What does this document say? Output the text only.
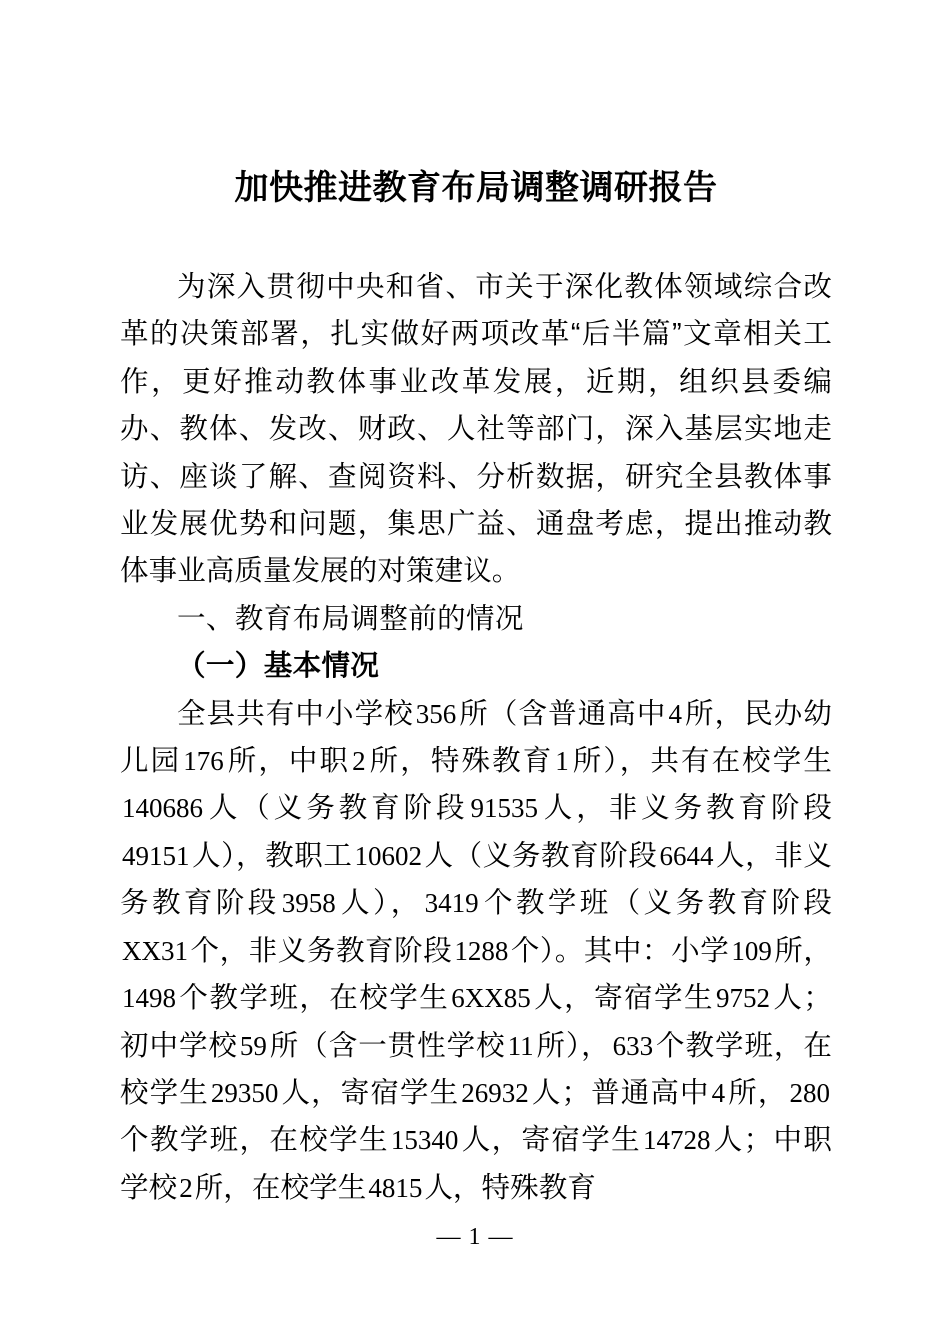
加快推进教育布局调整调研报告

为深入贯彻中央和省、市关于深化教体领域综合改革的决策部署，扎实做好两项改革“后半篇”文章相关工作，更好推动教体事业改革发展，近期，组织县委编办、教体、发改、财政、人社等部门，深入基层实地走访、座谈了解、查阅资料、分析数据，研究全县教体事业发展优势和问题，集思广益、通盘考虑，提出推动教体事业高质量发展的对策建议。

一、教育布局调整前的情况

（一）基本情况

全县共有中小学校356所（含普通高中4所，民办幼儿园176所，中职2所，特殊教育1所），共有在校学生140686人（义务教育阶段91535人，非义务教育阶段49151人），教职工10602人（义务教育阶段6644人，非义务教育阶段3958人），3419个教学班（义务教育阶段XX31个，非义务教育阶段1288个）。其中：小学109所，1498个教学班，在校学生6XX85人，寄宿学生9752人；初中学校59所（含一贯性学校11所），633个教学班，在校学生29350人，寄宿学生26932人；普通高中4所，280个教学班，在校学生15340人，寄宿学生14728人；中职学校2所，在校学生4815人，特殊教育

— 1 —
